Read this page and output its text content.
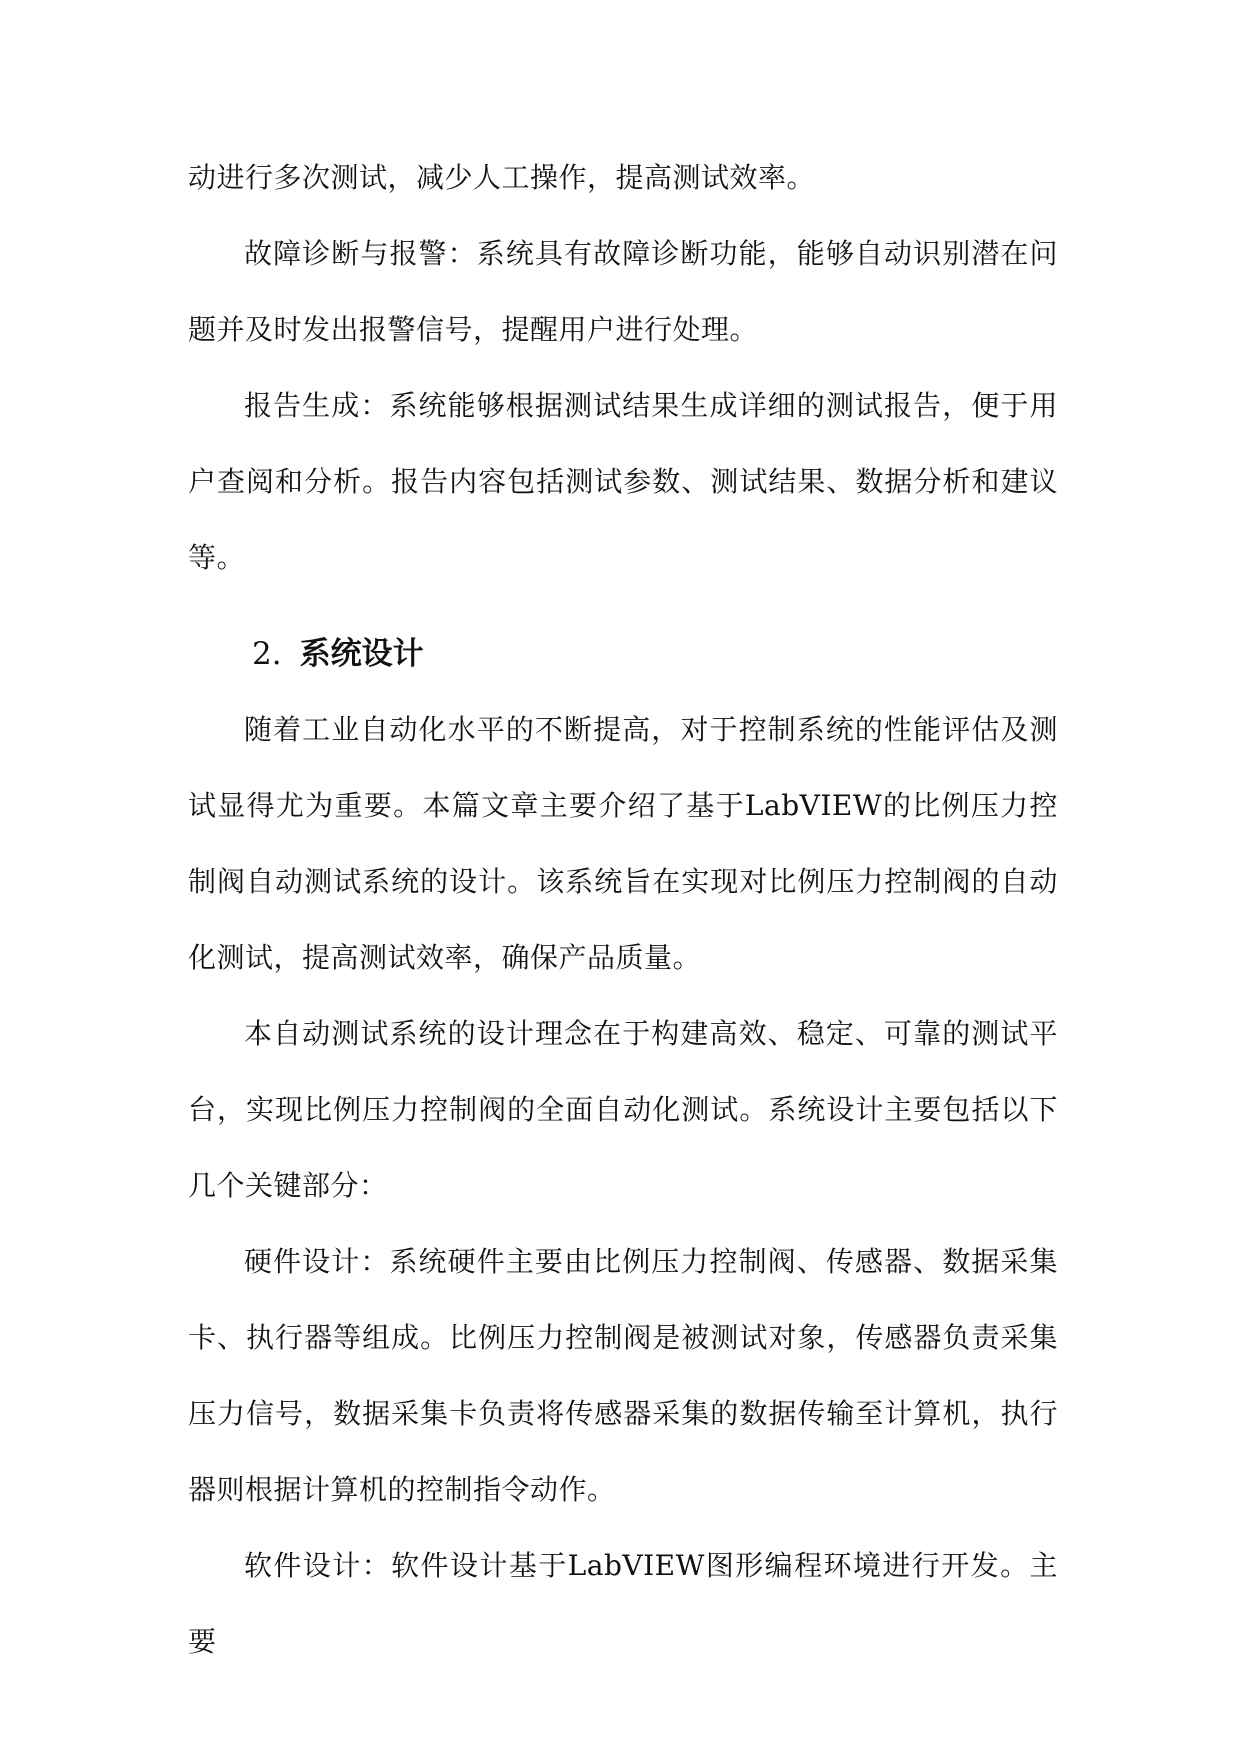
动进行多次测试，减少人工操作，提高测试效率。

故障诊断与报警：系统具有故障诊断功能，能够自动识别潜在问题并及时发出报警信号，提醒用户进行处理。

报告生成：系统能够根据测试结果生成详细的测试报告，便于用户查阅和分析。报告内容包括测试参数、测试结果、数据分析和建议等。

2. 系统设计

随着工业自动化水平的不断提高，对于控制系统的性能评估及测试显得尤为重要。本篇文章主要介绍了基于LabVIEW的比例压力控制阀自动测试系统的设计。该系统旨在实现对比例压力控制阀的自动化测试，提高测试效率，确保产品质量。

本自动测试系统的设计理念在于构建高效、稳定、可靠的测试平台，实现比例压力控制阀的全面自动化测试。系统设计主要包括以下几个关键部分：

硬件设计：系统硬件主要由比例压力控制阀、传感器、数据采集卡、执行器等组成。比例压力控制阀是被测试对象，传感器负责采集压力信号，数据采集卡负责将传感器采集的数据传输至计算机，执行器则根据计算机的控制指令动作。

软件设计：软件设计基于LabVIEW图形编程环境进行开发。主要
